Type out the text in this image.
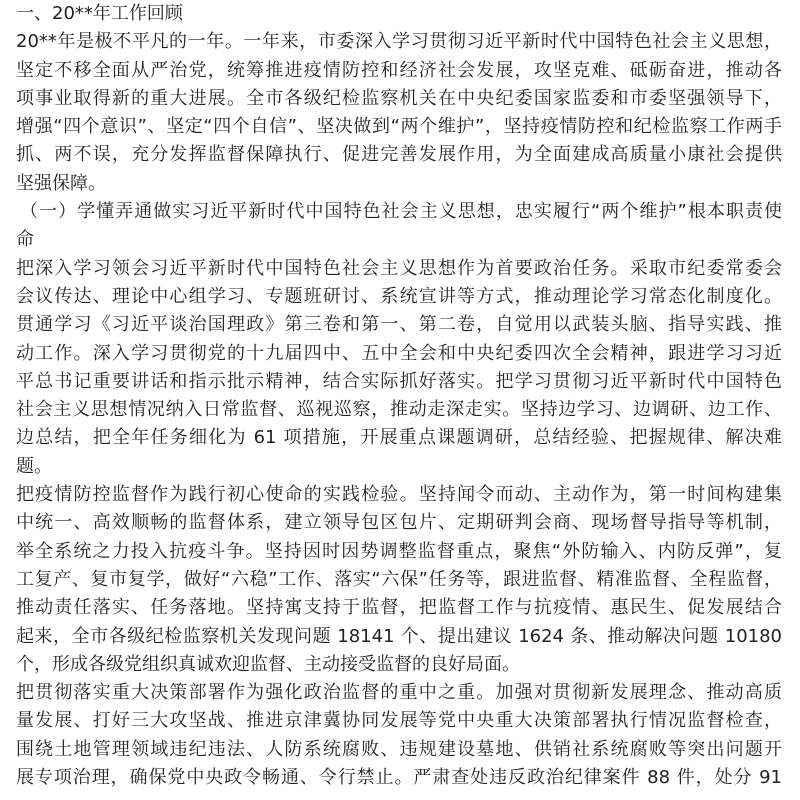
一、20**年工作回顾
20**年是极不平凡的一年。一年来，市委深入学习贯彻习近平新时代中国特色社会主义思想，
坚定不移全面从严治党，统筹推进疫情防控和经济社会发展，攻坚克难、砥砺奋进，推动各
项事业取得新的重大进展。全市各级纪检监察机关在中央纪委国家监委和市委坚强领导下，
增强“四个意识”、坚定“四个自信”、坚决做到“两个维护”，坚持疫情防控和纪检监察工作两手
抓、两不误，充分发挥监督保障执行、促进完善发展作用，为全面建成高质量小康社会提供
坚强保障。
（一）学懂弄通做实习近平新时代中国特色社会主义思想，忠实履行“两个维护”根本职责使
命
把深入学习领会习近平新时代中国特色社会主义思想作为首要政治任务。采取市纪委常委会
会议传达、理论中心组学习、专题班研讨、系统宣讲等方式，推动理论学习常态化制度化。
贯通学习《习近平谈治国理政》第三卷和第一、第二卷，自觉用以武装头脑、指导实践、推
动工作。深入学习贯彻党的十九届四中、五中全会和中央纪委四次全会精神，跟进学习习近
平总书记重要讲话和指示批示精神，结合实际抓好落实。把学习贯彻习近平新时代中国特色
社会主义思想情况纳入日常监督、巡视巡察，推动走深走实。坚持边学习、边调研、边工作、
边总结，把全年任务细化为 61 项措施，开展重点课题调研，总结经验、把握规律、解决难
题。
把疫情防控监督作为践行初心使命的实践检验。坚持闻令而动、主动作为，第一时间构建集
中统一、高效顺畅的监督体系，建立领导包区包片、定期研判会商、现场督导指导等机制，
举全系统之力投入抗疫斗争。坚持因时因势调整监督重点，聚焦“外防输入、内防反弹”，复
工复产、复市复学，做好“六稳”工作、落实“六保”任务等，跟进监督、精准监督、全程监督，
推动责任落实、任务落地。坚持寓支持于监督，把监督工作与抗疫情、惠民生、促发展结合
起来，全市各级纪检监察机关发现问题 18141 个、提出建议 1624 条、推动解决问题 10180
个，形成各级党组织真诚欢迎监督、主动接受监督的良好局面。
把贯彻落实重大决策部署作为强化政治监督的重中之重。加强对贯彻新发展理念、推动高质
量发展、打好三大攻坚战、推进京津冀协同发展等党中央重大决策部署执行情况监督检查，
围绕土地管理领域违纪违法、人防系统腐败、违规建设墓地、供销社系统腐败等突出问题开
展专项治理，确保党中央政令畅通、令行禁止。严肃查处违反政治纪律案件 88 件，处分 91
